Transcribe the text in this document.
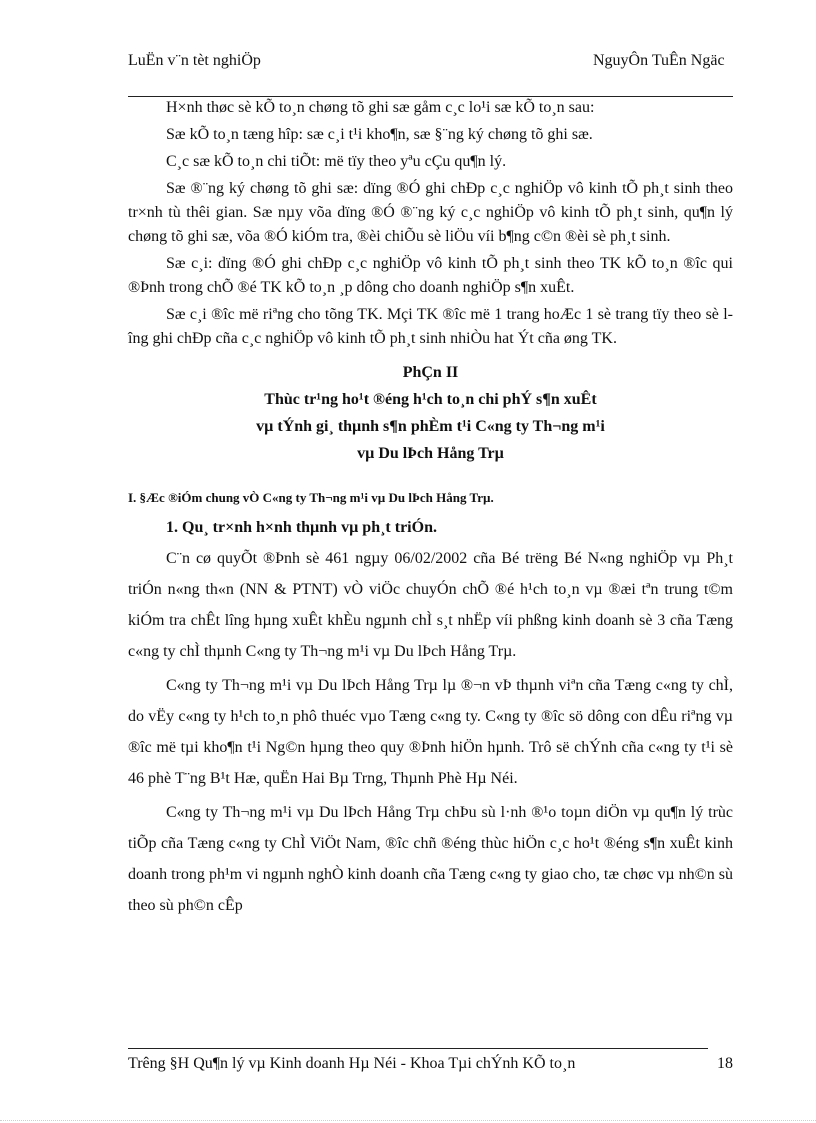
LuËn v¨n tèt nghiÖp	NguyÔn TuÊn Ngäc

H×nh thøc sè kÕ to¸n chøng tõ ghi sæ gåm c¸c lo¹i sæ kÕ to¸n sau:

Sæ kÕ to¸n tæng hîp: sæ c¸i t¹i kho¶n, sæ §¨ng ký chøng tõ ghi sæ.

C¸c sæ kÕ to¸n chi tiÕt: më tïy theo yªu cÇu qu¶n lý.

Sæ ®¨ng ký chøng tõ ghi sæ: dïng ®Ó ghi chÐp c¸c nghiÖp vô kinh tÕ ph¸t sinh theo tr×nh tù thêi gian. Sæ nµy võa dïng ®Ó ®¨ng ký c¸c nghiÖp vô kinh tÕ ph¸t sinh, qu¶n lý chøng tõ ghi sæ, võa ®Ó kiÓm tra, ®èi chiÕu sè liÖu víi b¶ng c©n ®èi sè ph¸t sinh.

Sæ c¸i: dïng ®Ó ghi chÐp c¸c nghiÖp vô kinh tÕ ph¸t sinh theo TK kÕ to¸n ®îc qui ®Þnh trong chÕ ®é TK kÕ to¸n ¸p dông cho doanh nghiÖp s¶n xuÊt.

Sæ c¸i ®îc më riªng cho tõng TK. Mçi TK ®îc më 1 trang hoÆc 1 sè trang tïy theo sè lîng ghi chÐp cña c¸c nghiÖp vô kinh tÕ ph¸t sinh nhiÒu hat Ýt cña øng TK.

PhÇn II
Thùc tr¹ng ho¹t ®éng h¹ch to¸n chi phÝ s¶n xuÊt
vµ tÝnh gi¸ thµnh s¶n phÈm t¹i C«ng ty Th¬ng m¹i
vµ Du lÞch Hång Trµ
I. §Æc ®iÓm chung vÒ C«ng ty Th¬ng m¹i vµ Du lÞch Hång Trµ.
1. Qu¸ tr×nh h×nh thµnh vµ ph¸t triÓn.

C¨n cø quyÕt ®Þnh sè 461 ngµy 06/02/2002 cña Bé trëng Bé N«ng nghiÖp vµ Ph¸t triÓn n«ng th«n (NN & PTNT) vÒ viÖc chuyÓn chÕ ®é h¹ch to¸n vµ ®æi tªn trung t©m kiÓm tra chÊt lîng hµng xuÊt khÈu ngµnh chÌ s¸t nhËp víi phßng kinh doanh sè 3 cña Tæng c«ng ty chÌ thµnh C«ng ty Th¬ng m¹i vµ Du lÞch Hång Trµ.

C«ng ty Th¬ng m¹i vµ Du lÞch Hång Trµ lµ ®¬n vÞ thµnh viªn cña Tæng c«ng ty chÌ, do vËy c«ng ty h¹ch to¸n phô thuéc vµo Tæng c«ng ty. C«ng ty ®îc sö dông con dÊu riªng vµ ®îc më tµi kho¶n t¹i Ng©n hµng theo quy ®Þnh hiÖn hµnh. Trô së chÝnh cña c«ng ty t¹i sè 46 phè T¨ng B¹t Hæ, quËn Hai Bµ Trng, Thµnh Phè Hµ Néi.

C«ng ty Th¬ng m¹i vµ Du lÞch Hång Trµ chÞu sù l·nh ®¹o toµn diÖn vµ qu¶n lý trùc tiÕp cña Tæng c«ng ty ChÌ ViÖt Nam, ®îc chñ ®éng thùc hiÖn c¸c ho¹t ®éng s¶n xuÊt kinh doanh trong ph¹m vi ngµnh nghÒ kinh doanh cña Tæng c«ng ty giao cho, tæ chøc vµ nh©n sù theo sù ph©n cÊp

Trêng §H Qu¶n lý vµ Kinh doanh Hµ Néi - Khoa Tµi chÝnh KÕ to¸n	18
